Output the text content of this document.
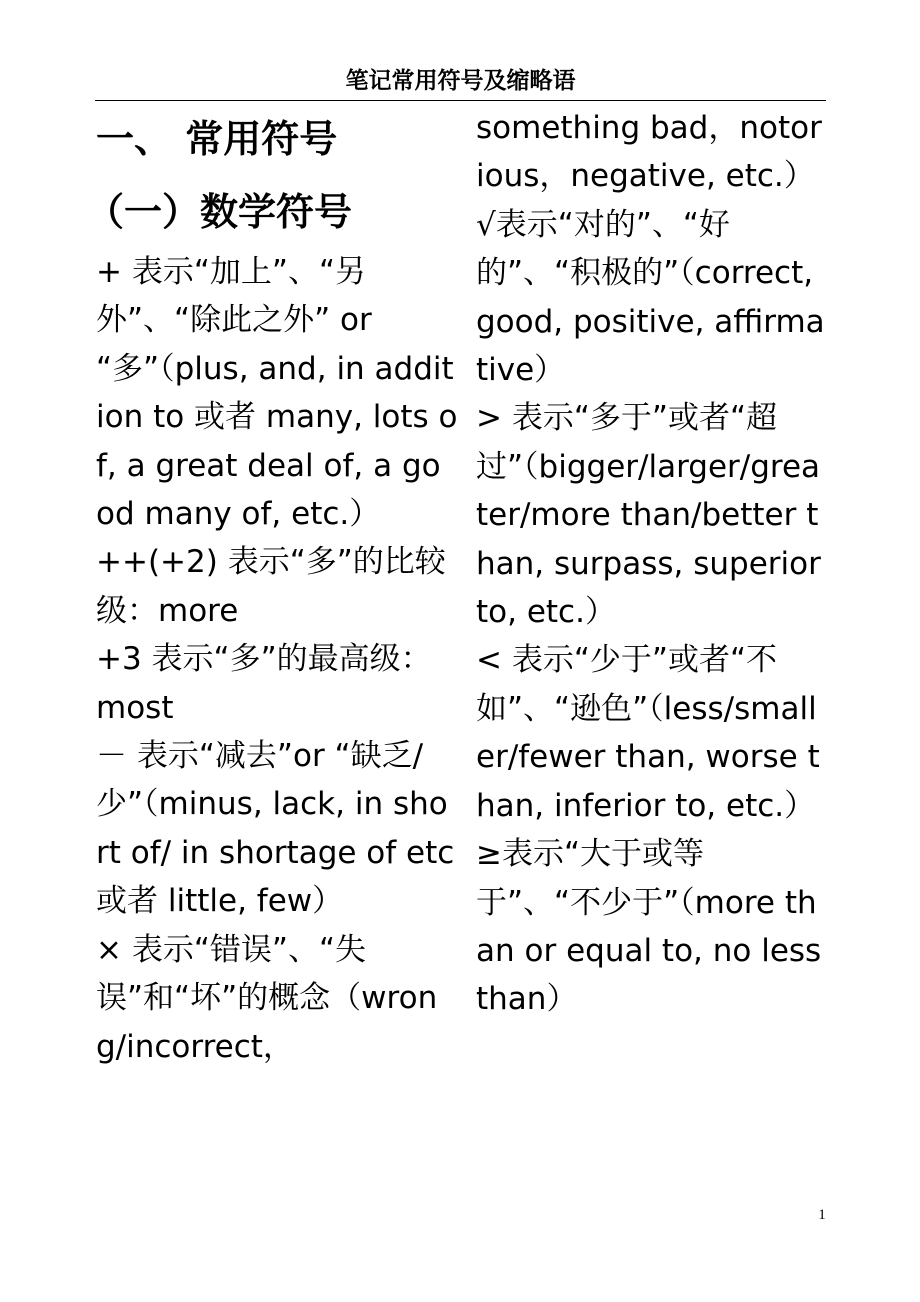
笔记常用符号及缩略语

一、 常用符号

（一）数学符号

+ 表示“加上”、“另外”、“除此之外” or “多”（plus, and, in addition to 或者 many, lots of, a great deal of, a good many of, etc.）

++(+2) 表示“多”的比较级：more

+3 表示“多”的最高级：most

－ 表示“减去”or “缺乏/少”（minus, lack, in short of/ in shortage of etc 或者 little, few）

× 表示“错误”、“失误”和“坏”的概念（wrong/incorrect，

something bad，notorious，negative, etc.）

√表示“对的”、“好的”、“积极的”（correct, good, positive, affirmative）

> 表示“多于”或者“超过”（bigger/larger/greater/more than/better than, surpass, superior to, etc.）

< 表示“少于”或者“不如”、“逊色”（less/smaller/fewer than, worse than, inferior to, etc.）

≥表示“大于或等于”、“不少于”（more than or equal to, no less than）

1
